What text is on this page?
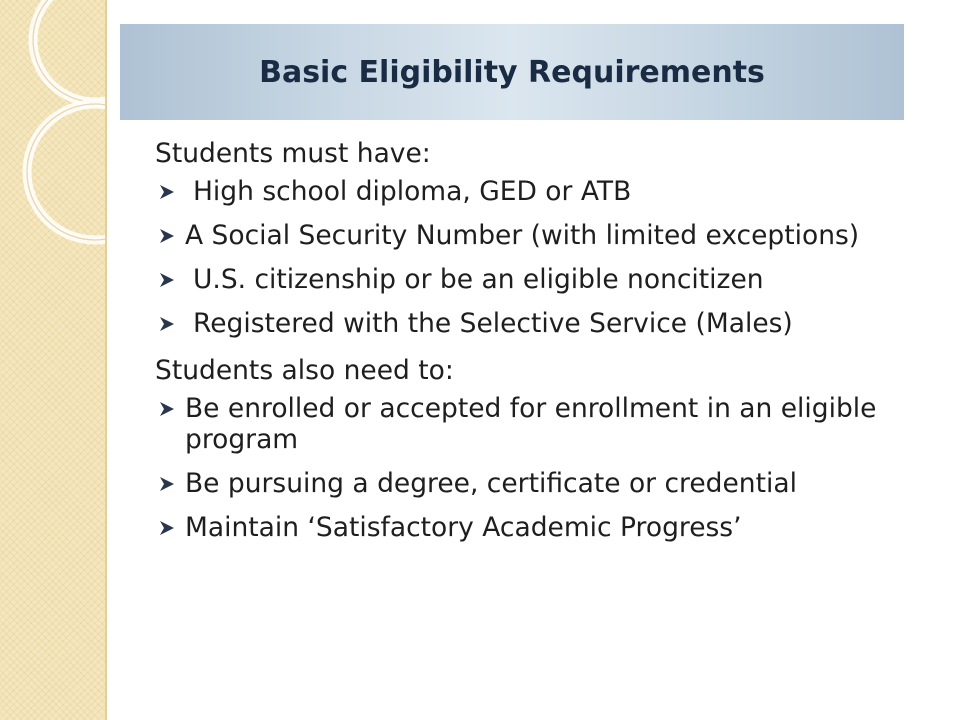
Basic Eligibility Requirements
Students must have:
High school diploma, GED or ATB
A Social Security Number (with limited exceptions)
U.S. citizenship or be an eligible noncitizen
Registered with the Selective Service (Males)
Students also need to:
Be enrolled or accepted for enrollment in an eligible program
Be pursuing a degree, certificate or credential
Maintain ‘Satisfactory Academic Progress’
